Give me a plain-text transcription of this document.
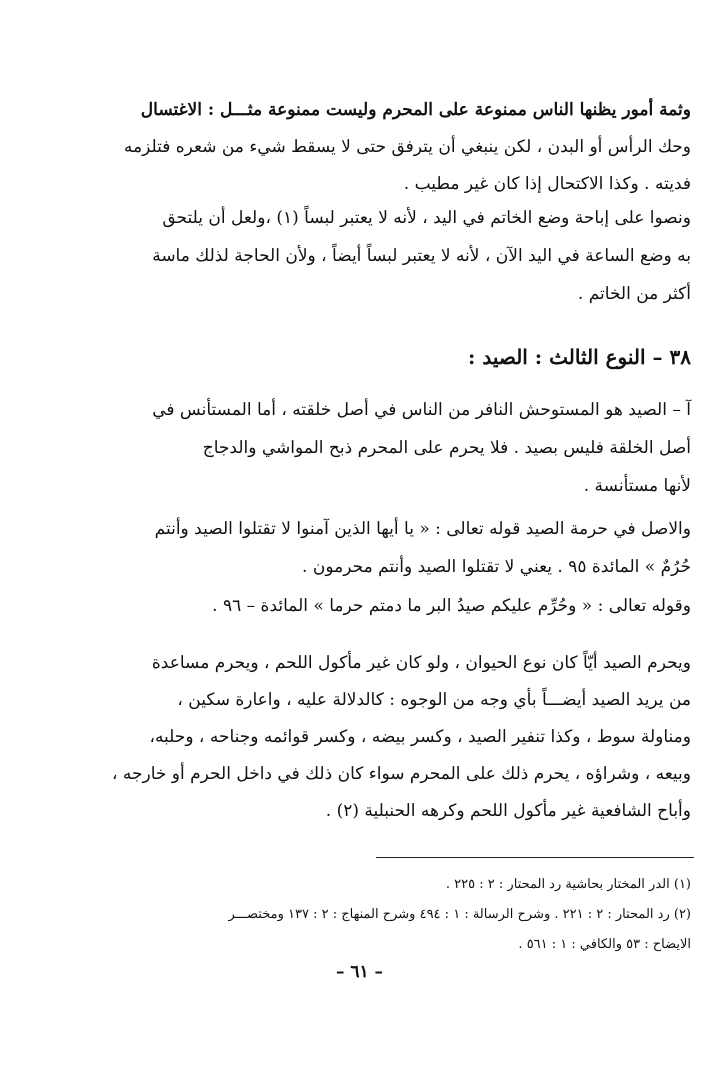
وثمة أمور يظنها الناس ممنوعة على المحرم وليست ممنوعة مثـــل : الاغتسال
وحك الرأس أو البدن ، لكن ينبغي أن يترفق حتى لا يسقط شيء من شعره فتلزمه
فديته . وكذا الاكتحال إذا كان غير مطيب .
ونصوا على إباحة وضع الخاتم في اليد ، لأنه لا يعتبر لبساً (١) ،ولعل أن يلتحق
به وضع الساعة في اليد الآن ، لأنه لا يعتبر لبساً أيضاً ، ولأن الحاجة لذلك ماسة
أكثر من الخاتم .
٣٨ – النوع الثالث : الصيد :
آ – الصيد هو المستوحش النافر من الناس في أصل خلقته ، أما المستأنس في
أصل الخلقة فليس بصيد . فلا يحرم على المحرم ذبح المواشي والدجاج
لأنها مستأنسة .
والاصل في حرمة الصيد قوله تعالى : « يا أيها الذين آمنوا لا تقتلوا الصيد وأنتم
حُرُمٌ » المائدة ٩٥ . يعني لا تقتلوا الصيد وأنتم محرمون .
وقوله تعالى : « وحُرِّم عليكم صيدُ البر ما دمتم حرما » المائدة – ٩٦ .
ويحرم الصيد أيّاً كان نوع الحيوان ، ولو كان غير مأكول اللحم ، ويحرم مساعدة
من يريد الصيد أيضـــاً بأي وجه من الوجوه : كالدلالة عليه ، واعارة سكين ،
ومناولة سوط ، وكذا تنفير الصيد ، وكسر بيضه ، وكسر قوائمه وجناحه ، وحلبه،
وبيعه ، وشراؤه ، يحرم ذلك على المحرم سواء كان ذلك في داخل الحرم أو خارجه ،
وأباح الشافعية غير مأكول اللحم وكرهه الحنبلية (٢) .
(١) الدر المختار بحاشية رد المحتار : ٢ : ٢٢٥ .
(٢) رد المحتار : ٢ : ٢٢١ . وشرح الرسالة : ١ : ٤٩٤ وشرح المنهاج : ٢ : ١٣٧ ومختصـــر
الايضاح : ٥٣ والكافي : ١ : ٥٦١ .
– ٦١ –
